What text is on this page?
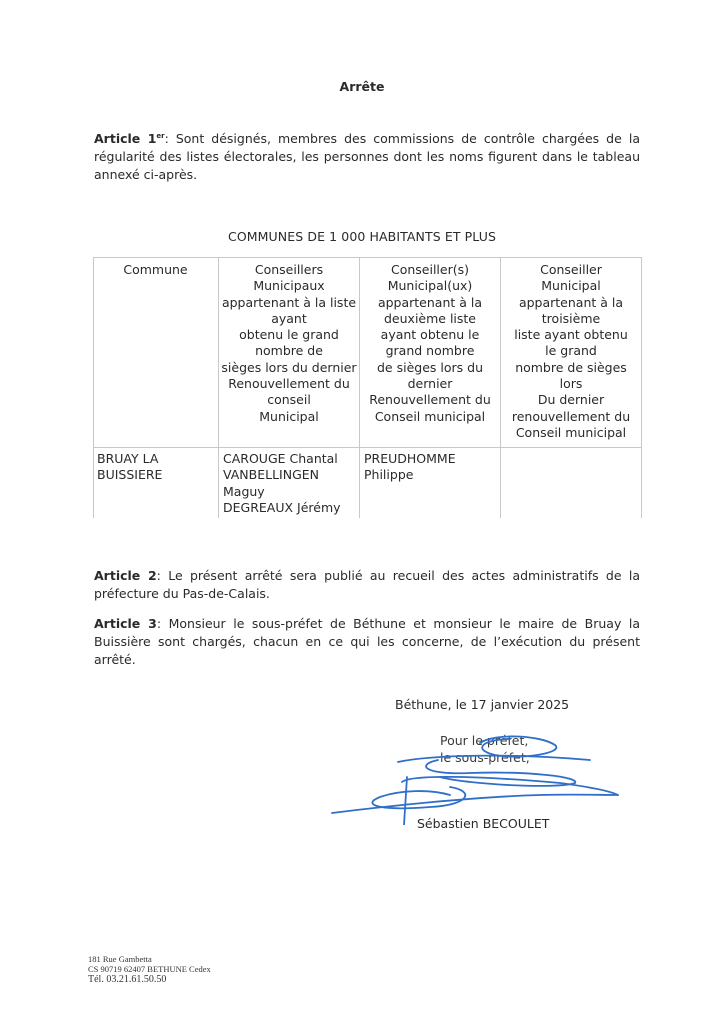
Arrête
Article 1er: Sont désignés, membres des commissions de contrôle chargées de la
régularité des listes électorales, les personnes dont les noms figurent dans le tableau
annexé ci-après.
COMMUNES DE 1 000 HABITANTS ET PLUS
Commune	Conseillers
Municipaux
appartenant à la liste
ayant
obtenu le grand
nombre de
sièges lors du dernier
Renouvellement du
conseil
Municipal
Conseiller(s)
Municipal(ux)
appartenant à la
deuxième liste
ayant obtenu le
grand nombre
de sièges lors du
dernier
Renouvellement du
Conseil municipal
Conseiller
Municipal
appartenant à la
troisième
liste ayant obtenu
le grand
nombre de sièges
lors
Du dernier
renouvellement du
Conseil municipal
BRUAY LA
BUISSIERE
CAROUGE Chantal
VANBELLINGEN
Maguy
DEGREAUX Jérémy
PREUDHOMME
Philippe
Article 2: Le présent arrêté sera publié au recueil des actes administratifs de la
préfecture du Pas-de-Calais.
Article 3: Monsieur le sous-préfet de Béthune et monsieur le maire de Bruay la
Buissière sont chargés, chacun en ce qui les concerne, de l’exécution du présent
arrêté.
Béthune, le 17 janvier 2025
Pour le préfet,
le sous-préfet,
Sébastien BECOULET
181 Rue Gambetta
CS 90719 62407 BETHUNE Cedex
Tél. 03.21.61.50.50
